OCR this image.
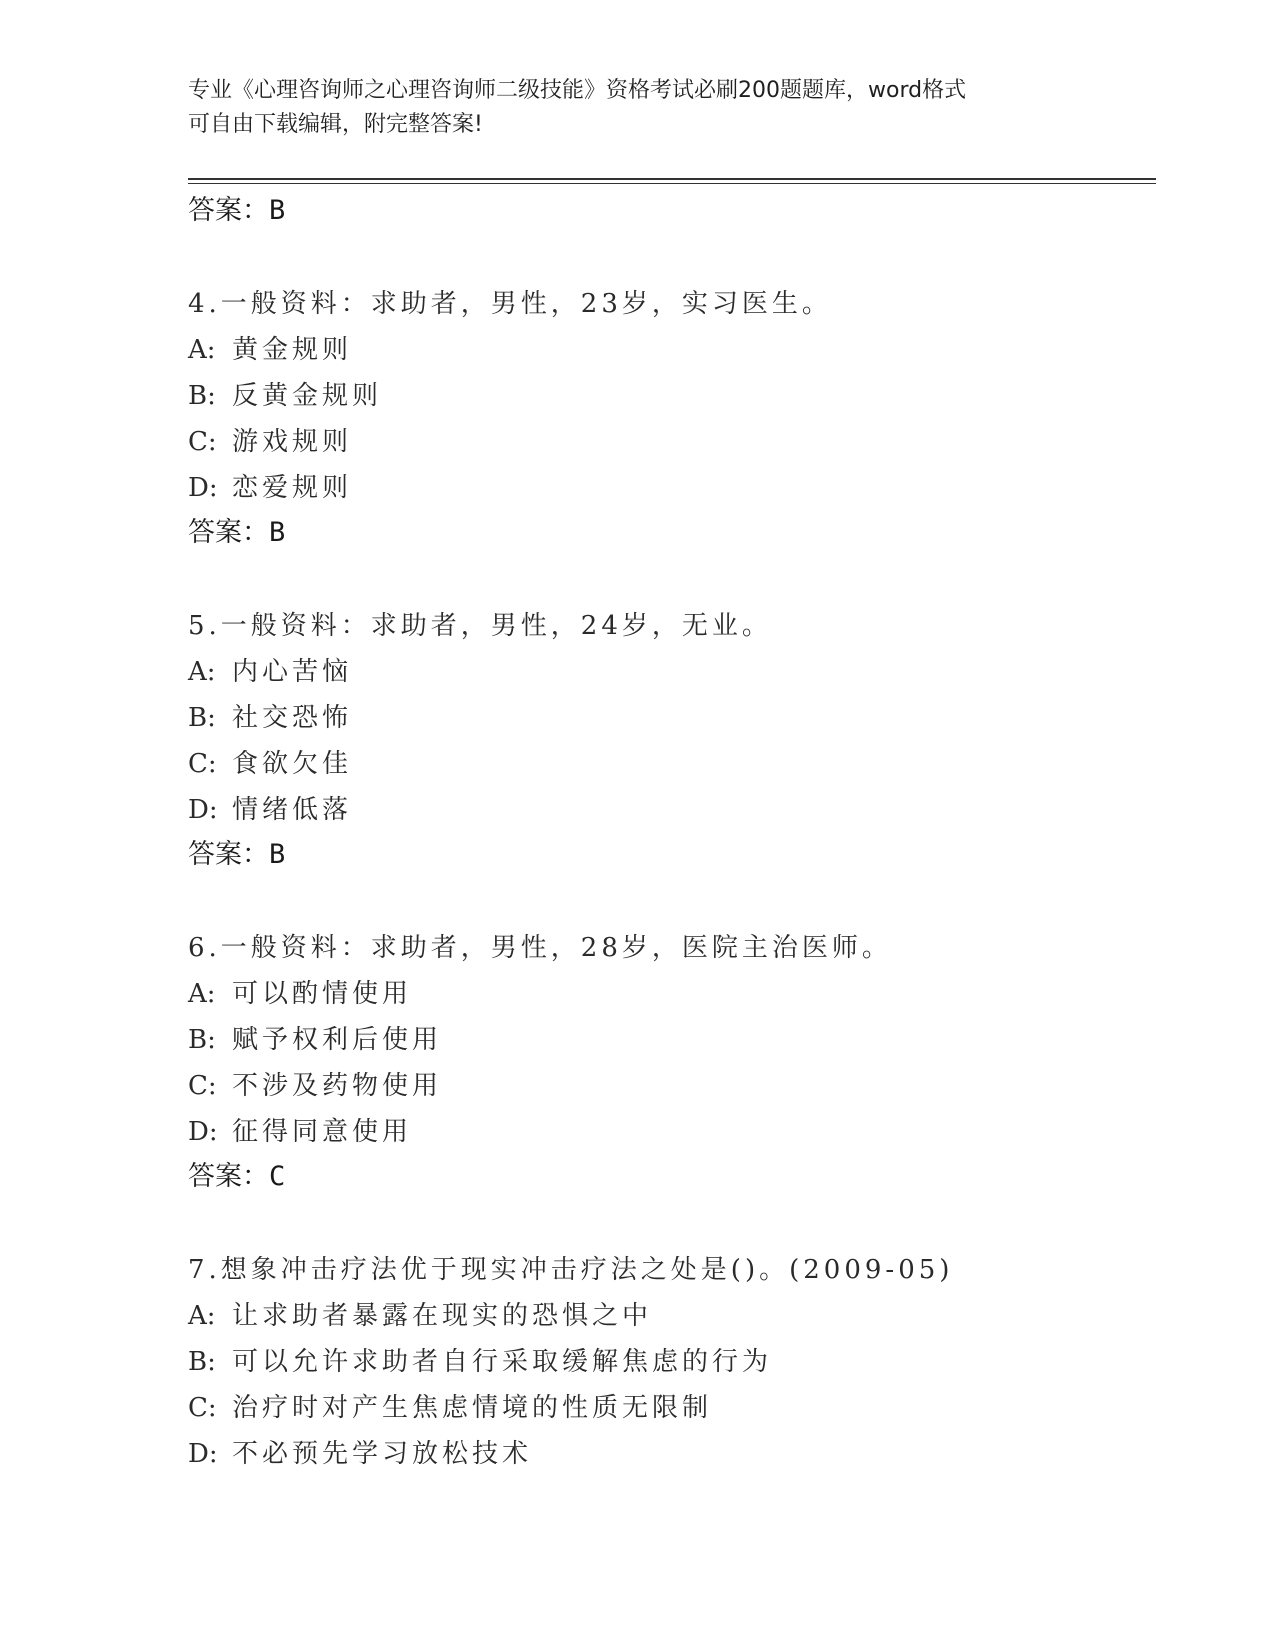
专业《心理咨询师之心理咨询师二级技能》资格考试必刷200题题库，word格式
可自由下载编辑，附完整答案!
答案：B
4.一般资料：求助者，男性，23岁，实习医生。
A: 黄金规则
B: 反黄金规则
C: 游戏规则
D: 恋爱规则
答案：B
5.一般资料：求助者，男性，24岁，无业。
A: 内心苦恼
B: 社交恐怖
C: 食欲欠佳
D: 情绪低落
答案：B
6.一般资料：求助者，男性，28岁，医院主治医师。
A: 可以酌情使用
B: 赋予权利后使用
C: 不涉及药物使用
D: 征得同意使用
答案：C
7.想象冲击疗法优于现实冲击疗法之处是()。(2009-05)
A: 让求助者暴露在现实的恐惧之中
B: 可以允许求助者自行采取缓解焦虑的行为
C: 治疗时对产生焦虑情境的性质无限制
D: 不必预先学习放松技术
